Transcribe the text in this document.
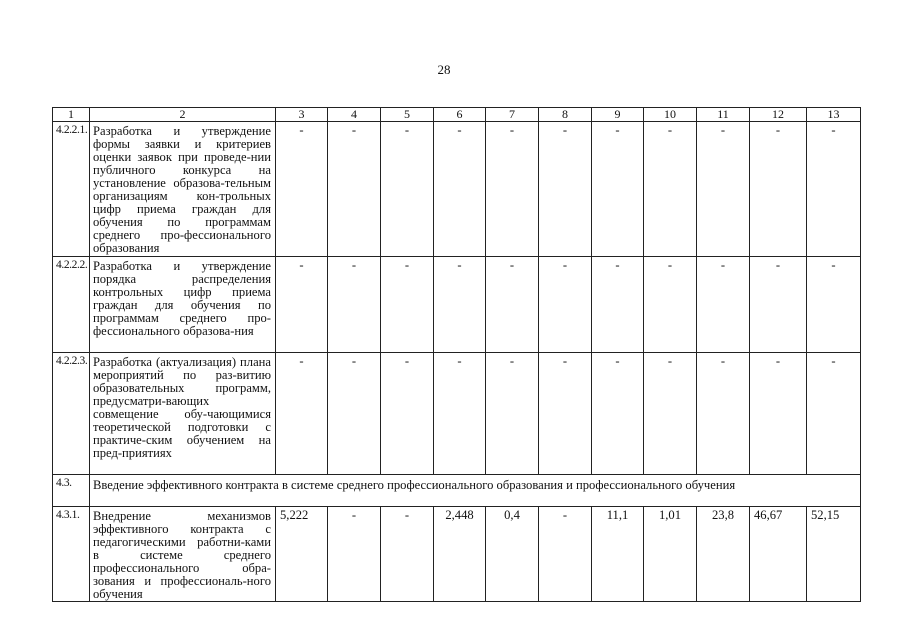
28
1	2	3	4	5	6	7	8	9	10	11	12	13
4.2.2.1.	Разработка и утверждение формы заявки и критериев оценки заявок при проведе-нии публичного конкурса на установление образова-тельным организациям кон-трольных цифр приема граждан для обучения по программам среднего про-фессионального образования	-	-	-	-	-	-	-	-	-	-	-
4.2.2.2.	Разработка и утверждение порядка распределения контрольных цифр приема граждан для обучения по программам среднего про-фессионального образова-ния	-	-	-	-	-	-	-	-	-	-	-
4.2.2.3.	Разработка (актуализация) плана мероприятий по раз-витию образовательных программ, предусматри-вающих совмещение обу-чающимися теоретической подготовки с практиче-ским обучением на пред-приятиях	-	-	-	-	-	-	-	-	-	-	-
4.3.	Введение эффективного контракта в системе среднего профессионального образования и профессионального обучения											
4.3.1.	Внедрение механизмов эффективного контракта с педагогическими работни-ками в системе среднего профессионального обра-зования и профессиональ-ного обучения	5,222	-	-	2,448	0,4	-	11,1	1,01	23,8	46,67	52,15
